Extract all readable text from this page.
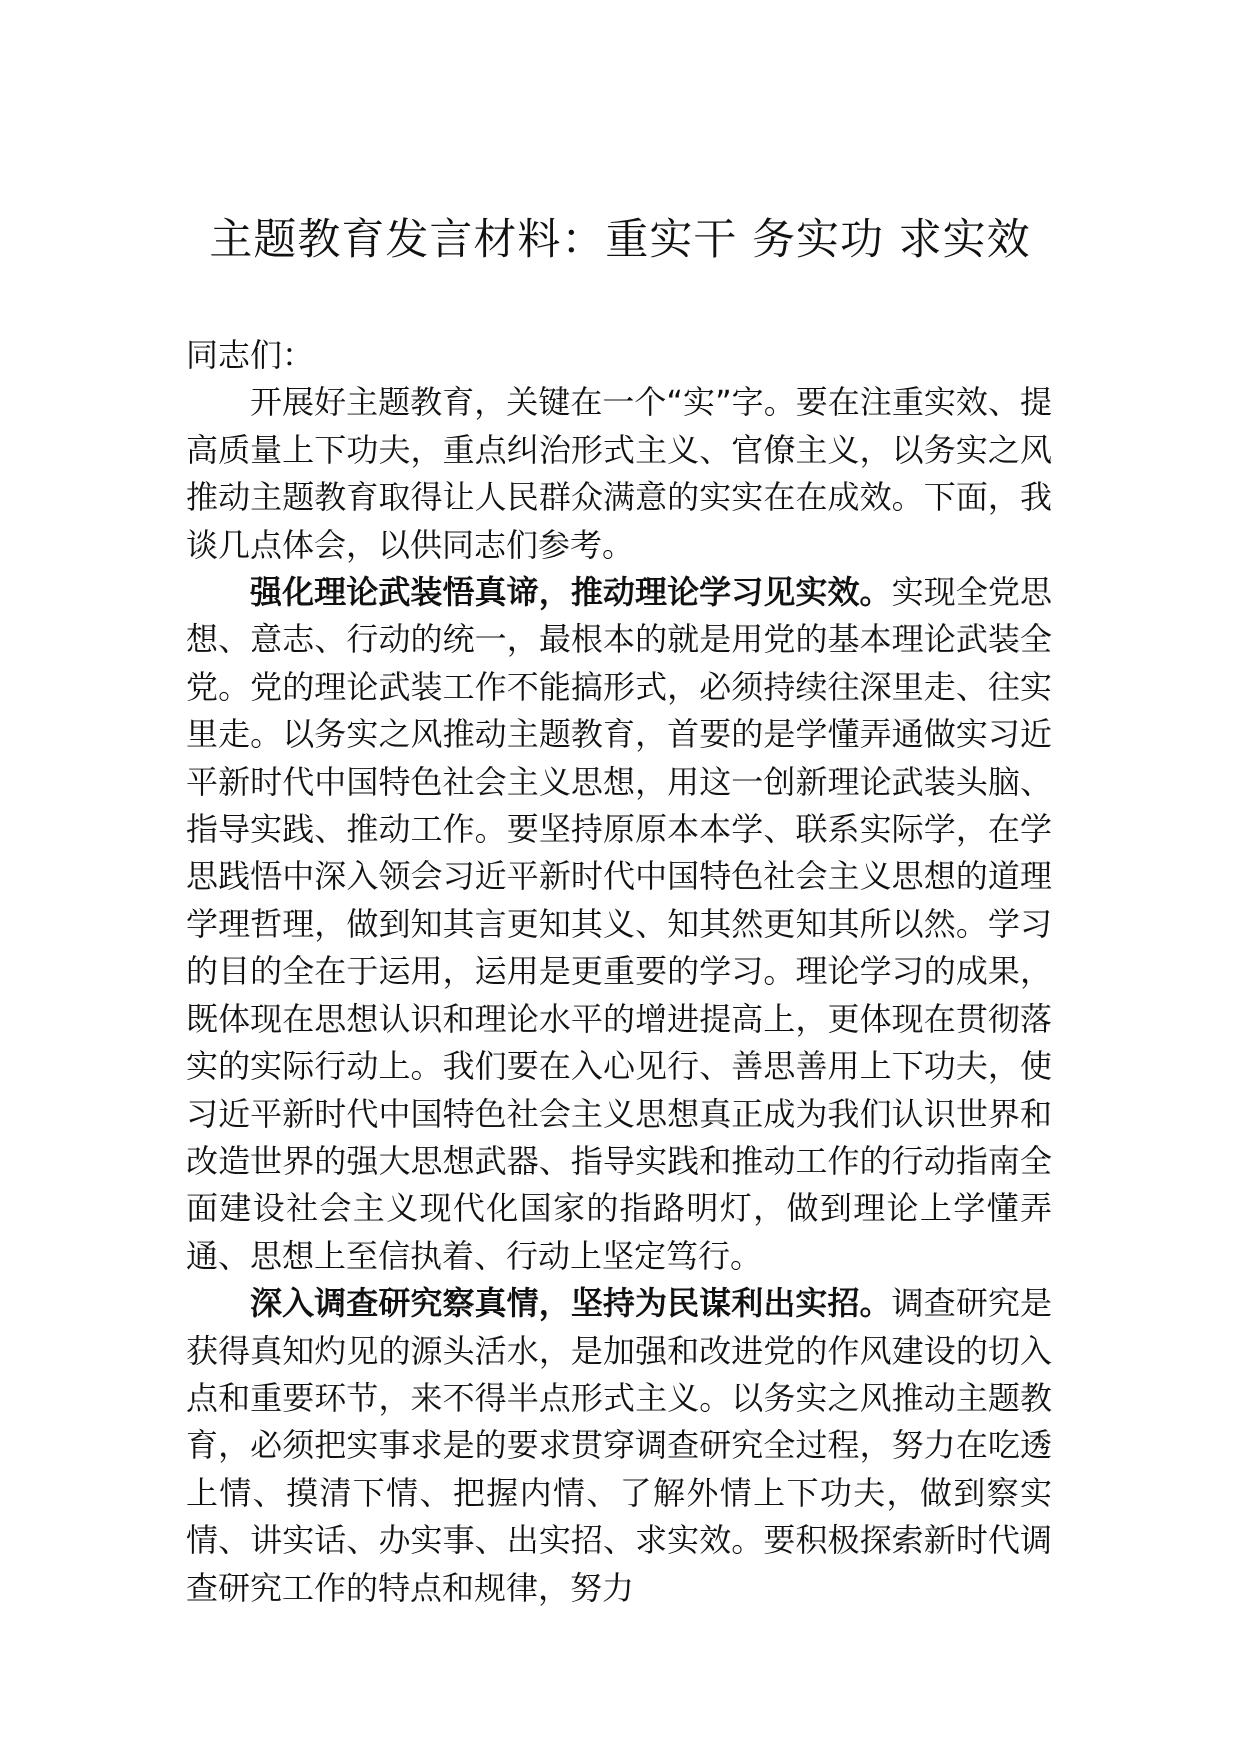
主题教育发言材料：重实干 务实功 求实效

同志们：

开展好主题教育，关键在一个“实”字。要在注重实效、提高质量上下功夫，重点纠治形式主义、官僚主义，以务实之风推动主题教育取得让人民群众满意的实实在在成效。下面，我谈几点体会，以供同志们参考。

强化理论武装悟真谛，推动理论学习见实效。实现全党思想、意志、行动的统一，最根本的就是用党的基本理论武装全党。党的理论武装工作不能搞形式，必须持续往深里走、往实里走。以务实之风推动主题教育，首要的是学懂弄通做实习近平新时代中国特色社会主义思想，用这一创新理论武装头脑、指导实践、推动工作。要坚持原原本本学、联系实际学，在学思践悟中深入领会习近平新时代中国特色社会主义思想的道理学理哲理，做到知其言更知其义、知其然更知其所以然。学习的目的全在于运用，运用是更重要的学习。理论学习的成果，既体现在思想认识和理论水平的增进提高上，更体现在贯彻落实的实际行动上。我们要在入心见行、善思善用上下功夫，使习近平新时代中国特色社会主义思想真正成为我们认识世界和改造世界的强大思想武器、指导实践和推动工作的行动指南全面建设社会主义现代化国家的指路明灯，做到理论上学懂弄通、思想上至信执着、行动上坚定笃行。

深入调查研究察真情，坚持为民谋利出实招。调查研究是获得真知灼见的源头活水，是加强和改进党的作风建设的切入点和重要环节，来不得半点形式主义。以务实之风推动主题教育，必须把实事求是的要求贯穿调查研究全过程，努力在吃透上情、摸清下情、把握内情、了解外情上下功夫，做到察实情、讲实话、办实事、出实招、求实效。要积极探索新时代调查研究工作的特点和规律，努力
